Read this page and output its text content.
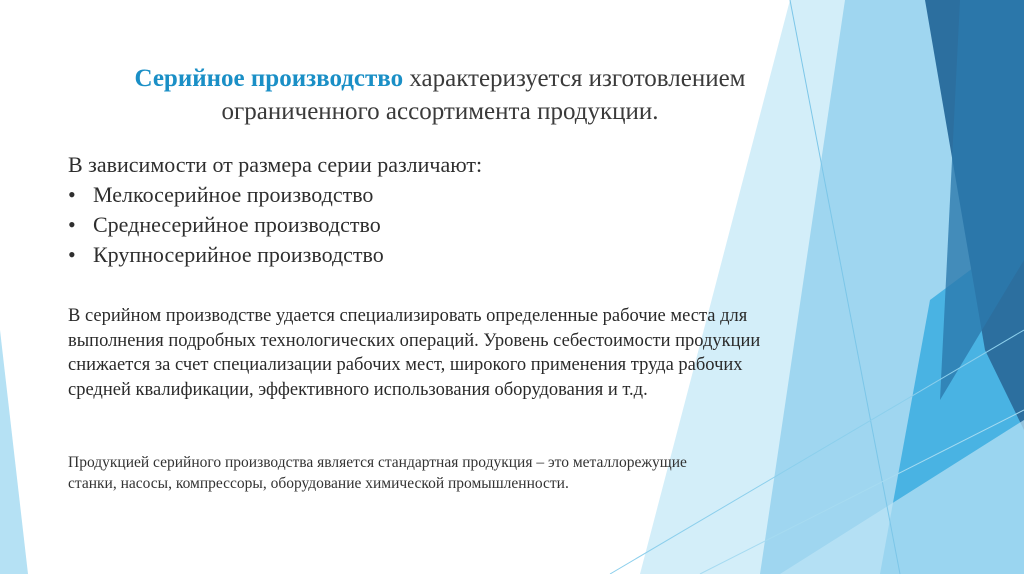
Серийное производство характеризуется изготовлением ограниченного ассортимента продукции.
В зависимости от размера серии различают:
• Мелкосерийное производство
• Среднесерийное производство
• Крупносерийное производство
В серийном производстве удается специализировать определенные рабочие места для выполнения подробных технологических операций. Уровень себестоимости продукции снижается за счет специализации рабочих мест, широкого применения труда рабочих средней квалификации, эффективного использования оборудования и т.д.
Продукцией серийного производства является стандартная продукция – это металлорежущие станки, насосы, компрессоры, оборудование химической промышленности.
